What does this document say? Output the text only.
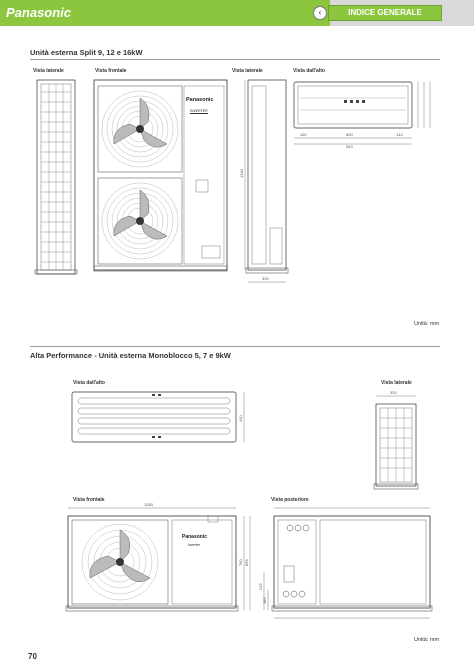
Panasonic	‹	INDICE GENERALE
Unità esterna Split 9, 12 e 16kW
Vista laterale	Vista frontale	Vista laterale	Vista dall'alto
Panasonic
INVERTER
1340
320
160	600	144
940
Unità: mm
Alta Performance - Unità esterna Monoblocco 5, 7 e 9kW
Vista dall'alto	Vista laterale
Vista frontale	Vista posteriore
410
320
1283
760 865
Panasonic
Inverter
215
185
Unità: mm
70
